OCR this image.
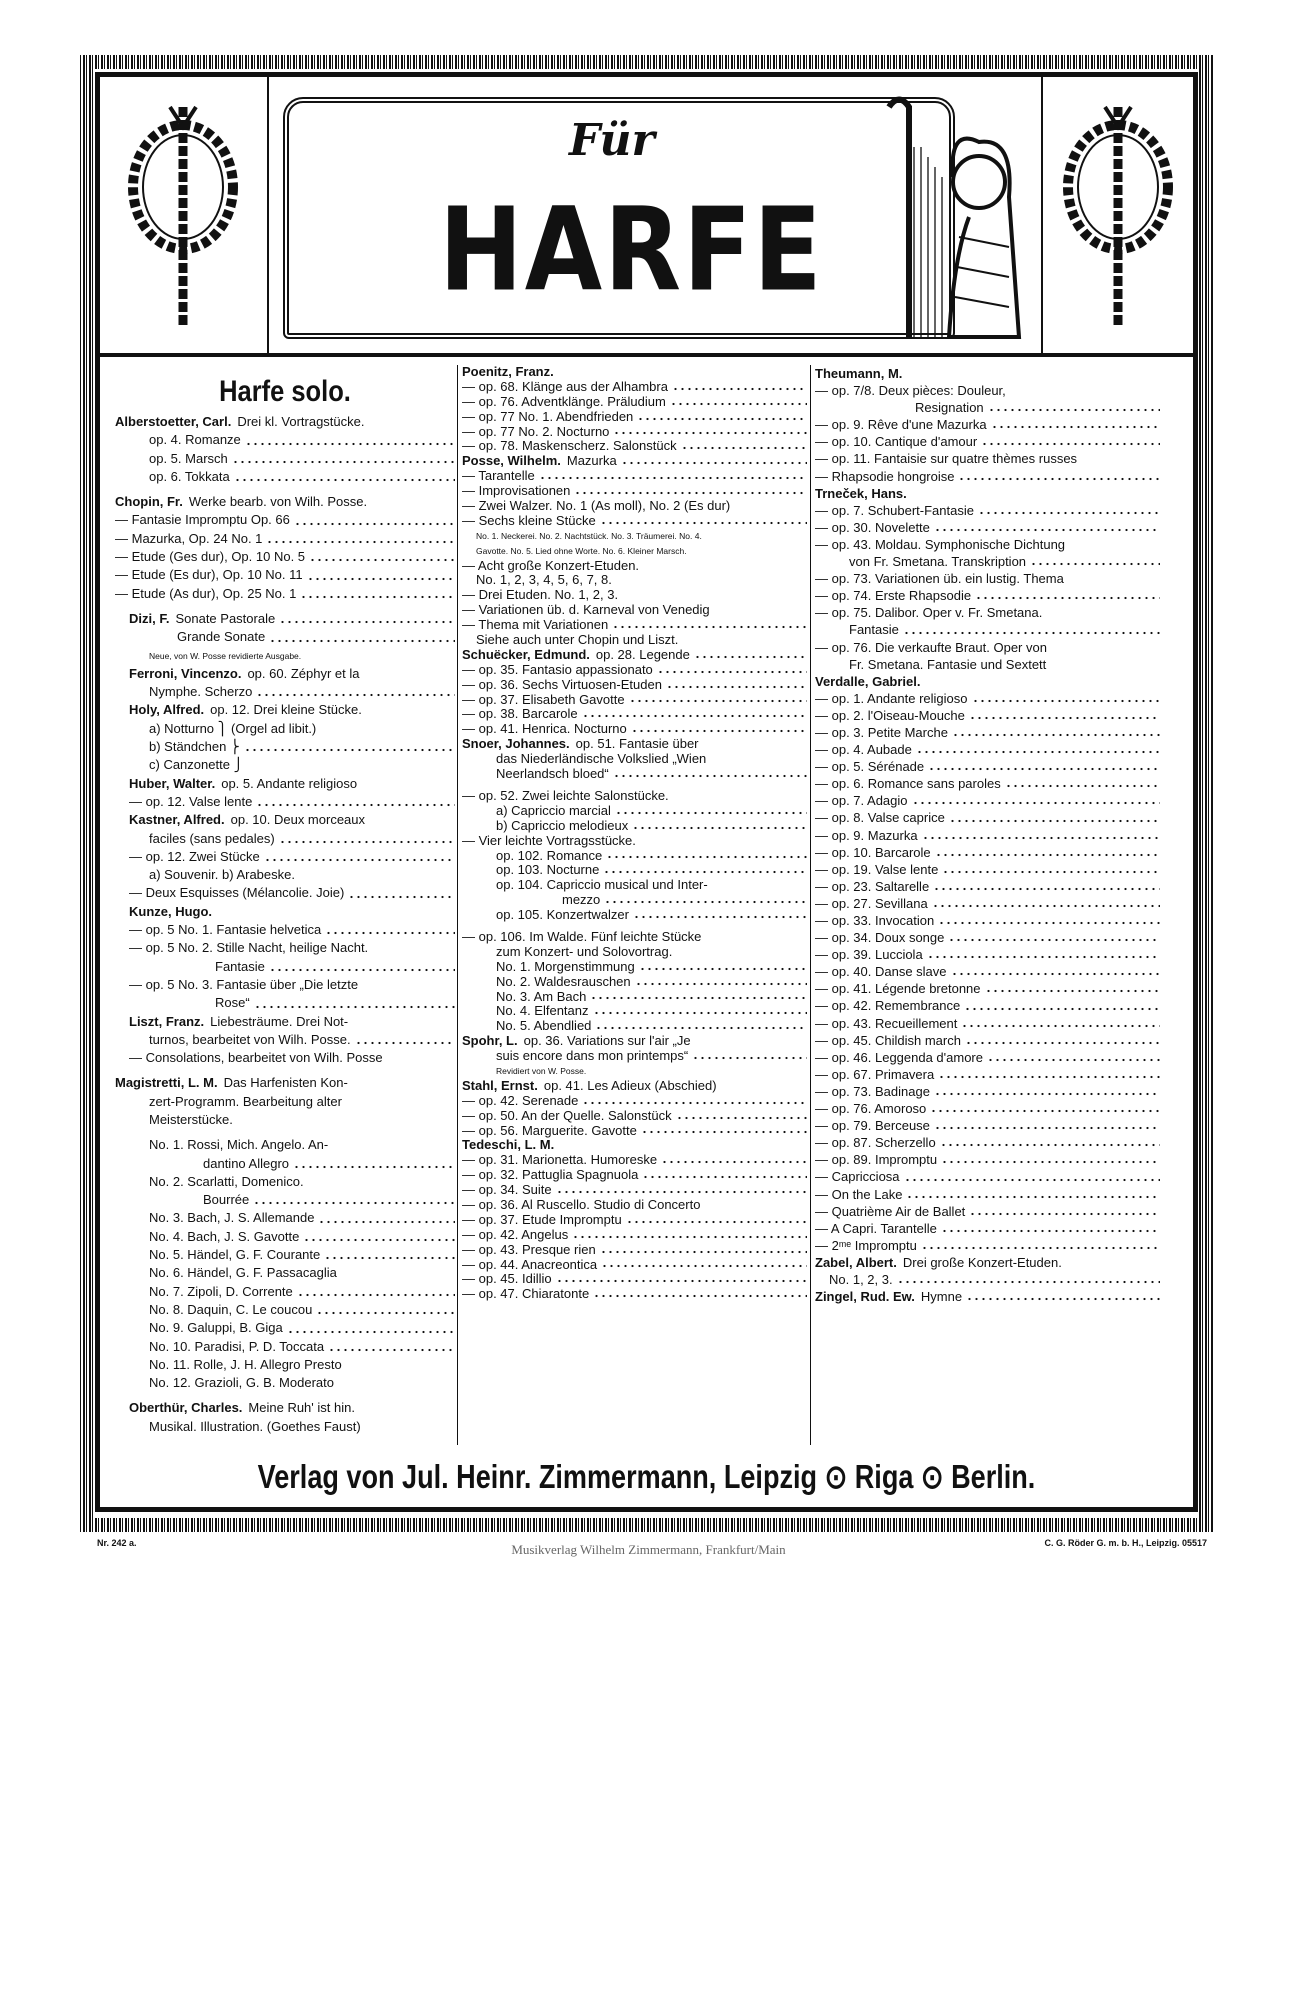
Für
HARFE
Harfe solo.
Alberstoetter, Carl. Drei kl. Vortragstücke.
op. 4. Romanze
op. 5. Marsch
op. 6. Tokkata
Chopin, Fr. Werke bearb. von Wilh. Posse.
— Fantasie Impromptu Op. 66
— Mazurka, Op. 24 No. 1
— Etude (Ges dur), Op. 10 No. 5
— Etude (Es dur), Op. 10 No. 11
— Etude (As dur), Op. 25 No. 1
Dizi, F. Sonate Pastorale
Grande Sonate
Neue, von W. Posse revidierte Ausgabe.
Ferroni, Vincenzo. op. 60. Zéphyr et la
Nymphe. Scherzo
Holy, Alfred. op. 12. Drei kleine Stücke.
a) Notturno ⎫ (Orgel ad libit.)
b) Ständchen ⎬
c) Canzonette ⎭
Huber, Walter. op. 5. Andante religioso
— op. 12. Valse lente
Kastner, Alfred. op. 10. Deux morceaux
faciles (sans pedales)
— op. 12. Zwei Stücke
a) Souvenir. b) Arabeske.
— Deux Esquisses (Mélancolie. Joie)
Kunze, Hugo.
— op. 5 No. 1. Fantasie helvetica
— op. 5 No. 2. Stille Nacht, heilige Nacht.
Fantasie
— op. 5 No. 3. Fantasie über „Die letzte
Rose“
Liszt, Franz. Liebesträume. Drei Not-
turnos, bearbeitet von Wilh. Posse.
— Consolations, bearbeitet von Wilh. Posse
Magistretti, L. M. Das Harfenisten Kon-
zert-Programm. Bearbeitung alter
Meisterstücke.
No. 1. Rossi, Mich. Angelo. An-
dantino Allegro
No. 2. Scarlatti, Domenico.
Bourrée
No. 3. Bach, J. S. Allemande
No. 4. Bach, J. S. Gavotte
No. 5. Händel, G. F. Courante
No. 6. Händel, G. F. Passacaglia
No. 7. Zipoli, D. Corrente
No. 8. Daquin, C. Le coucou
No. 9. Galuppi, B. Giga
No. 10. Paradisi, P. D. Toccata
No. 11. Rolle, J. H. Allegro Presto
No. 12. Grazioli, G. B. Moderato
Oberthür, Charles. Meine Ruh' ist hin.
Musikal. Illustration. (Goethes Faust)
Poenitz, Franz.
— op. 68. Klänge aus der Alhambra
— op. 76. Adventklänge. Präludium
— op. 77 No. 1. Abendfrieden
— op. 77 No. 2. Nocturno
— op. 78. Maskenscherz. Salonstück
Posse, Wilhelm. Mazurka
— Tarantelle
— Improvisationen
— Zwei Walzer. No. 1 (As moll), No. 2 (Es dur)
— Sechs kleine Stücke
No. 1. Neckerei. No. 2. Nachtstück. No. 3. Träumerei. No. 4.
Gavotte. No. 5. Lied ohne Worte. No. 6. Kleiner Marsch.
— Acht große Konzert-Etuden.
No. 1, 2, 3, 4, 5, 6, 7, 8.
— Drei Etuden. No. 1, 2, 3.
— Variationen üb. d. Karneval von Venedig
— Thema mit Variationen
Siehe auch unter Chopin und Liszt.
Schuëcker, Edmund. op. 28. Legende
— op. 35. Fantasio appassionato
— op. 36. Sechs Virtuosen-Etuden
— op. 37. Elisabeth Gavotte
— op. 38. Barcarole
— op. 41. Henrica. Nocturno
Snoer, Johannes. op. 51. Fantasie über
das Niederländische Volkslied „Wien
Neerlandsch bloed“
— op. 52. Zwei leichte Salonstücke.
a) Capriccio marcial
b) Capriccio melodieux
— Vier leichte Vortragsstücke.
op. 102. Romance
op. 103. Nocturne
op. 104. Capriccio musical und Inter-
mezzo
op. 105. Konzertwalzer
— op. 106. Im Walde. Fünf leichte Stücke
zum Konzert- und Solovortrag.
No. 1. Morgenstimmung
No. 2. Waldesrauschen
No. 3. Am Bach
No. 4. Elfentanz
No. 5. Abendlied
Spohr, L. op. 36. Variations sur l'air „Je
suis encore dans mon printemps“
Revidiert von W. Posse.
Stahl, Ernst. op. 41. Les Adieux (Abschied)
— op. 42. Serenade
— op. 50. An der Quelle. Salonstück
— op. 56. Marguerite. Gavotte
Tedeschi, L. M.
— op. 31. Marionetta. Humoreske
— op. 32. Pattuglia Spagnuola
— op. 34. Suite
— op. 36. Al Ruscello. Studio di Concerto
— op. 37. Etude Impromptu
— op. 42. Angelus
— op. 43. Presque rien
— op. 44. Anacreontica
— op. 45. Idillio
— op. 47. Chiaratonte
Theumann, M.
— op. 7/8. Deux pièces: Douleur,
Resignation
— op. 9. Rêve d'une Mazurka
— op. 10. Cantique d'amour
— op. 11. Fantaisie sur quatre thèmes russes
— Rhapsodie hongroise
Trneček, Hans.
— op. 7. Schubert-Fantasie
— op. 30. Novelette
— op. 43. Moldau. Symphonische Dichtung
von Fr. Smetana. Transkription
— op. 73. Variationen üb. ein lustig. Thema
— op. 74. Erste Rhapsodie
— op. 75. Dalibor. Oper v. Fr. Smetana.
Fantasie
— op. 76. Die verkaufte Braut. Oper von
Fr. Smetana. Fantasie und Sextett
Verdalle, Gabriel.
— op. 1. Andante religioso
— op. 2. l'Oiseau-Mouche
— op. 3. Petite Marche
— op. 4. Aubade
— op. 5. Sérénade
— op. 6. Romance sans paroles
— op. 7. Adagio
— op. 8. Valse caprice
— op. 9. Mazurka
— op. 10. Barcarole
— op. 19. Valse lente
— op. 23. Saltarelle
— op. 27. Sevillana
— op. 33. Invocation
— op. 34. Doux songe
— op. 39. Lucciola
— op. 40. Danse slave
— op. 41. Légende bretonne
— op. 42. Remembrance
— op. 43. Recueillement
— op. 45. Childish march
— op. 46. Leggenda d'amore
— op. 67. Primavera
— op. 73. Badinage
— op. 76. Amoroso
— op. 79. Berceuse
— op. 87. Scherzello
— op. 89. Impromptu
— Capricciosa
— On the Lake
— Quatrième Air de Ballet
— A Capri. Tarantelle
— 2ᵐᵉ Impromptu
Zabel, Albert. Drei große Konzert-Etuden.
No. 1, 2, 3.
Zingel, Rud. Ew. Hymne
Verlag von Jul. Heinr. Zimmermann, Leipzig ⊙ Riga ⊙ Berlin.
Nr. 242 a.	Musikverlag Wilhelm Zimmermann, Frankfurt/Main	C. G. Röder G. m. b. H., Leipzig. 05517
